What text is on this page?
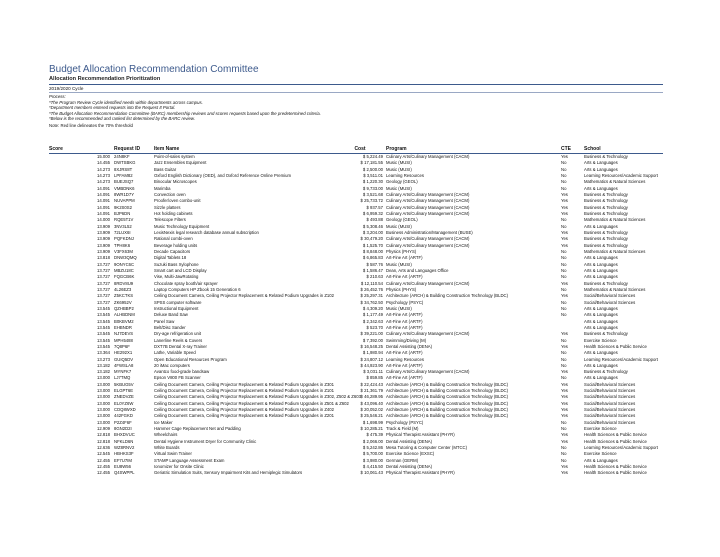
Budget Allocation Recommendation Committee
Allocation Recommendation Prioritization
2019/2020 Cycle
Process:
*The Program Review Cycle identified needs within departments across campus.
*Department members entered requests into the Request It Portal.
*The Budget Allocation Recommendation Committee (BARC) membership reviews and scores requests based upon the predetermined criteria.
*Below is the recommended and ranked list determined by the BARC review.
Note: Red line delineates the 70% threshold
Score	Request ID	Item Name	Cost	Program	CTE	School
15.000	24N8KF	Point-of-sales system	$ 5,224.49	Culinary Arts/Culinary Management (CACM)	Yes	Business & Technology
14.455	DWTSBKG	Jazz Ensembles Equipment	$ 17,181.55	Music (MUSI)	No	Arts & Languages
14.273	8XJRS8T	Bass Guitar	$ 2,500.00	Music (MUSI)	No	Arts & Languages
14.273	LPFAM82	Oxford English Dictionary (OED), and Oxford Reference Online Premium	$ 3,511.01	Learning Resources	No	Learning Resources/Academic Support
14.273	BUEJSQ7	Binocular Microscopes	$ 1,220.30	Geology (GEOL)	No	Mathematics & Natural Sciences
14.091	VMBDNK6	Marimba	$ 9,733.00	Music (MUSI)	No	Arts & Languages
14.091	8WR1D7Y	Convection oven	$ 3,521.68	Culinary Arts/Culinary Management (CACM)	Yes	Business & Technology
14.091	NUVAPPM	Proofer/oven combo-unit	$ 25,733.72	Culinary Arts/Culinary Management (CACM)	Yes	Business & Technology
14.091	9K2S0S2	Sizzle platters	$ 937.57	Culinary Arts/Culinary Management (CACM)	Yes	Business & Technology
14.091	BJP6DN	Hot holding cabinets	$ 6,959.32	Culinary Arts/Culinary Management (CACM)	Yes	Business & Technology
14.000	RQE5T1V	Telescope Filters	$ 493.88	Geology (GEOL)	No	Mathematics & Natural Sciences
13.909	3NV3L52	Music Technology Equipment	$ 5,308.46	Music (MUSI)	No	Arts & Languages
13.909	72LUX6I	LexisNexis legal research database annual subscription	$ 3,204.00	Business Administration/Management (BUSE)	Yes	Business & Technology
13.909	PQFKDNJ	Rational combi-oven	$ 30,479.20	Culinary Arts/Culinary Management (CACM)	Yes	Business & Technology
13.909	TPH8K6	Beverage holding units	$ 1,525.70	Culinary Arts/Culinary Management (CACM)	Yes	Business & Technology
13.909	V3FX63M	Decade Capacitors	$ 8,848.00	Physics (PHYS)	No	Mathematics & Natural Sciences
13.818	DNW3QMQ	Digital Tablets 18	$ 6,865.83	Art-Fine Art (ARTF)	No	Arts & Languages
13.727	9ONYC6C	Suzuki Bass Xylophone	$ 587.76	Music (MUSI)	No	Arts & Languages
13.727	MBZU18C	Smart cart and LCD Display	$ 1,586.47	Dean, Arts and Languages Office	No	Arts & Languages
13.727	FQGCB6K	Vise, Multi-JawRotating	$ 210.63	Art-Fine Art (ARTF)	No	Arts & Languages
13.727	8RDV8U9	Chocolate spray booth/air sprayer	$ 12,110.54	Culinary Arts/Culinary Management (CACM)	Yes	Business & Technology
13.727	4L26EZ3	Laptop Computers HP Zbook 15 Generation 6	$ 26,452.76	Physics (PHYS)	No	Mathematics & Natural Sciences
13.727	Z5KCTKS	Ceiling Document Camera, Ceiling Projector Replacement & Related Podium Upgrades in Z102	$ 25,297.31	Architecture (ARCH) & Building Construction Technology (BLDC)	Yes	Social/Behavioral Sciences
13.727	ZK6952V	SPSS computer software	$ 34,762.50	Psychology (PSYC)	No	Social/Behavioral Sciences
13.545	QZHBBP2	Instructional Equipment	$ 4,309.20	Music (MUSI)	No	Arts & Languages
13.545	ALHBDNM	Deluxe Band Saw	$ 1,177.49	Art-Fine Art (ARTF)	No	Arts & Languages
13.545	B0KBVM2	Panel Saw	$ 2,342.63	Art-Fine Art (ARTF)		Arts & Languages
13.545	EHBNDR	Belt/Disc Sander	$ 523.70	Art-Fine Art (ARTF)		Arts & Languages
13.545	NJ7DEVS	Dry-age refrigeration unit	$ 39,221.00	Culinary Arts/Culinary Management (CACM)	Yes	Business & Technology
13.545	MPH5488	Lanerline Reels & Covers	$ 7,392.00	Swimming/Diving (M)	No	Exercise Science
13.545	7Q8P6F	DXT7B Dental X-ray Trainer	$ 16,548.25	Dental Assisting (DENA)	Yes	Health Sciences & Public Service
13.364	HE292X1	Lathe, Variable Speed	$ 1,980.94	Art-Fine Art (ARTF)	No	Arts & Languages
13.273	GUIQ5DV	Open Educational Resources Program	$ 24,807.12	Learning Resources	No	Learning Resources/Academic Support
13.182	4FWSLA8	20 iMac computers	$ 44,923.90	Art-Fine Art (ARTF)	No	Arts & Languages
13.182	MYNFK7	Avantco food-grade bandsaw	$ 3,031.11	Culinary Arts/Culinary Management (CACM)	Yes	Business & Technology
13.000	LJ7TMQ	Epson V800 FB Scanner	$ 859.85	Art-Fine Art (ARTF)	No	Arts & Languages
13.000	5KBUG5V	Ceiling Document Camera, Ceiling Projector Replacement & Related Podium Upgrades in Z301	$ 22,424.43	Architecture (ARCH) & Building Construction Technology (BLDC)	Yes	Social/Behavioral Sciences
13.000	ELGPT6E	Ceiling Document Camera, Ceiling Projector Replacement & Related Podium Upgrades in Z101	$ 21,361.79	Architecture (ARCH) & Building Construction Technology (BLDC)	Yes	Social/Behavioral Sciences
13.000	ZNEDVZE	Ceiling Document Camera, Ceiling Projector Replacement & Related Podium Upgrades in Z302, Z502 & Z603	$ 46,289.95	Architecture (ARCH) & Building Construction Technology (BLDC)	Yes	Social/Behavioral Sciences
13.000	EL0YZ6W	Ceiling Document Camera, Ceiling Projector Replacement & Related Podium Upgrades in Z501 & Z602	$ 43,096.40	Architecture (ARCH) & Building Construction Technology (BLDC)	Yes	Social/Behavioral Sciences
13.000	CDQ8WXD	Ceiling Document Camera, Ceiling Projector Replacement & Related Podium Upgrades in Z402	$ 20,052.02	Architecture (ARCH) & Building Construction Technology (BLDC)	Yes	Social/Behavioral Sciences
13.000	442FGKD	Ceiling Document Camera, Ceiling Projector Replacement & Related Podium Upgrades in Z201	$ 25,546.21	Architecture (ARCH) & Building Construction Technology (BLDC)	Yes	Social/Behavioral Sciences
13.000	P2Z4F6F	Ice Maker	$ 1,698.99	Psychology (PSYC)	No	Social/Behavioral Sciences
12.909	8GN2D2I	Hammer Cage Replacement Net and Padding	$ 10,285.21	Track & Field (M)	No	Exercise Science
12.818	BHXDVUC	Wheelchairs	$ 475.39	Physical Therapist Assistant (PHYR)	Yes	Health Sciences & Public Service
12.818	NFKLD6N	Dental Hygiene Instrument Dryer for Community Clinic	$ 2,066.00	Dental Assisting (DENA)	Yes	Health Sciences & Public Service
12.636	WZ8RNV2	White Boards	$ 5,242.86	Mesa Tutoring & Computer Center (MTCC)	No	Learning Resources/Academic Support
12.545	HBHKS3F	Virtual Swim Trainer	$ 5,700.00	Exercise Science (EXSC)	No	Exercise Science
12.455	EF7U7IM	STAMP Language Assessment Exam	$ 3,980.00	German (GERM)	No	Arts & Languages
12.455	EU8W56	Ionomizer for Onsite Clinic	$ 4,415.50	Dental Assisting (DENA)	Yes	Health Sciences & Public Service
12.455	Q4SWPPL	Geriatric Simulation Suits, Sensory Impairment Kits and Hemiplegic Simulators	$ 10,061.43	Physical Therapist Assistant (PHYR)	Yes	Health Sciences & Public Service
